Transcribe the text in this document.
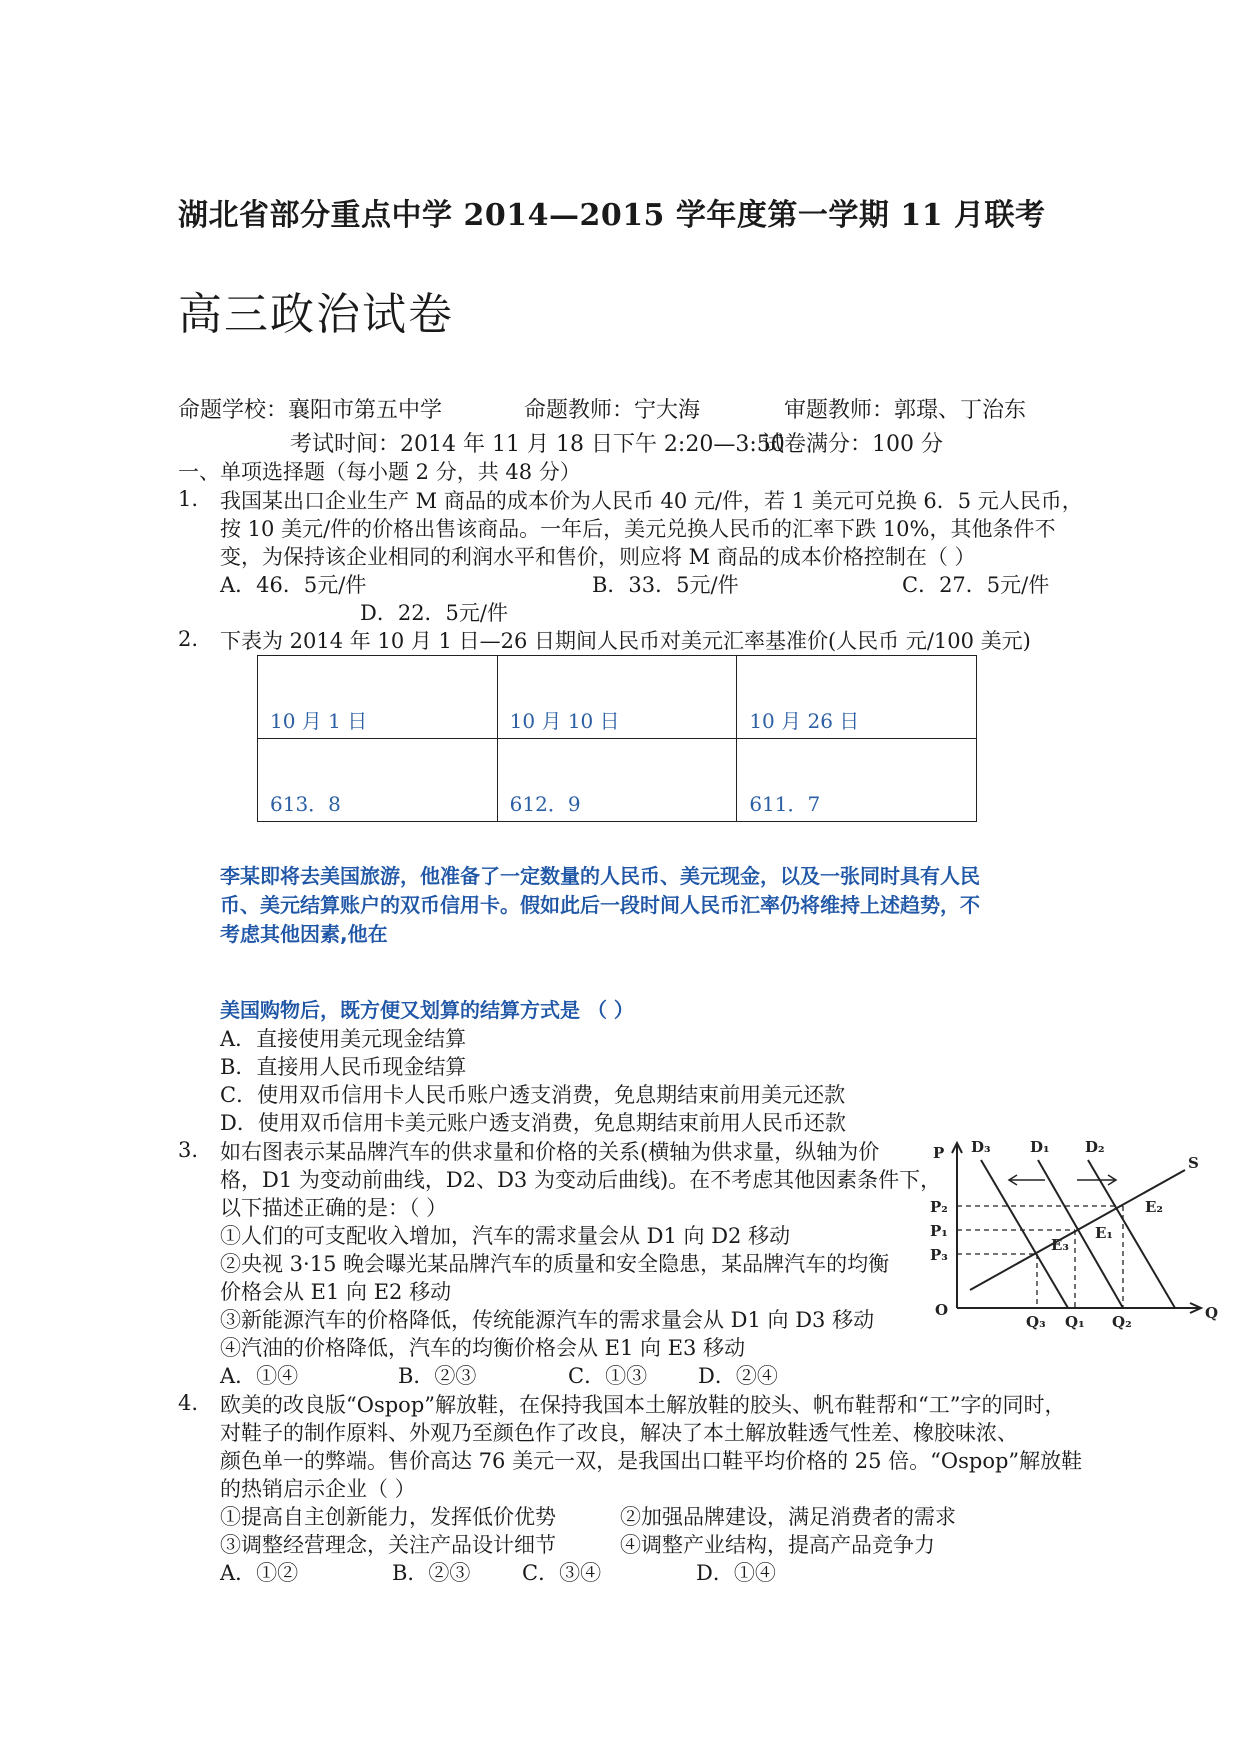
湖北省部分重点中学 2014—2015 学年度第一学期 11 月联考
高三政治试卷
命题学校：襄阳市第五中学	命题教师：宁大海	审题教师：郭璟、丁治东
考试时间：2014 年 11 月 18 日下午 2:20—3:50
试卷满分：100 分
一、单项选择题（每小题 2 分，共 48 分）
1. 我国某出口企业生产 M 商品的成本价为人民币 40 元/件，若 1 美元可兑换 6．5 元人民币，
按 10 美元/件的价格出售该商品。一年后，美元兑换人民币的汇率下跌 10%，其他条件不
变，为保持该企业相同的利润水平和售价，则应将 M 商品的成本价格控制在（ ）
A．46．5元/件	B．33．5元/件	C．27．5元/件
D．22．5元/件
2. 下表为 2014 年 10 月 1 日—26 日期间人民币对美元汇率基准价(人民币 元/100 美元)
10 月 1 日	10 月 10 日	10 月 26 日
613．8	612．9	611．7
李某即将去美国旅游，他准备了一定数量的人民币、美元现金，以及一张同时具有人民
币、美元结算账户的双币信用卡。假如此后一段时间人民币汇率仍将维持上述趋势，不
考虑其他因素,他在
美国购物后，既方便又划算的结算方式是 （ ）
A．直接使用美元现金结算
B．直接用人民币现金结算
C．使用双币信用卡人民币账户透支消费，免息期结束前用美元还款
D．使用双币信用卡美元账户透支消费，免息期结束前用人民币还款
3. 如右图表示某品牌汽车的供求量和价格的关系(横轴为供求量，纵轴为价
格，D1 为变动前曲线，D2、D3 为变动后曲线)。在不考虑其他因素条件下，
以下描述正确的是：（ ）
①人们的可支配收入增加，汽车的需求量会从 D1 向 D2 移动
②央视 3·15 晚会曝光某品牌汽车的质量和安全隐患，某品牌汽车的均衡
价格会从 E1 向 E2 移动
③新能源汽车的价格降低，传统能源汽车的需求量会从 D1 向 D3 移动
④汽油的价格降低，汽车的均衡价格会从 E1 向 E3 移动
A．①④	B．②③	C．①③ D．②④
P
O	Q
D₃	D₁ D₂
S
P₂
P₁
P₃
Q₃ Q₁ Q₂
E₂
E₁
E₃
4. 欧美的改良版“Ospop”解放鞋，在保持我国本土解放鞋的胶头、帆布鞋帮和“工”字的同时，
对鞋子的制作原料、外观乃至颜色作了改良，解决了本土解放鞋透气性差、橡胶味浓、
颜色单一的弊端。售价高达 76 美元一双，是我国出口鞋平均价格的 25 倍。“Ospop”解放鞋
的热销启示企业（ ）
①提高自主创新能力，发挥低价优势	②加强品牌建设，满足消费者的需求
③调整经营理念，关注产品设计细节	④调整产业结构，提高产品竞争力
A．①②	B．②③ C．③④	D．①④
